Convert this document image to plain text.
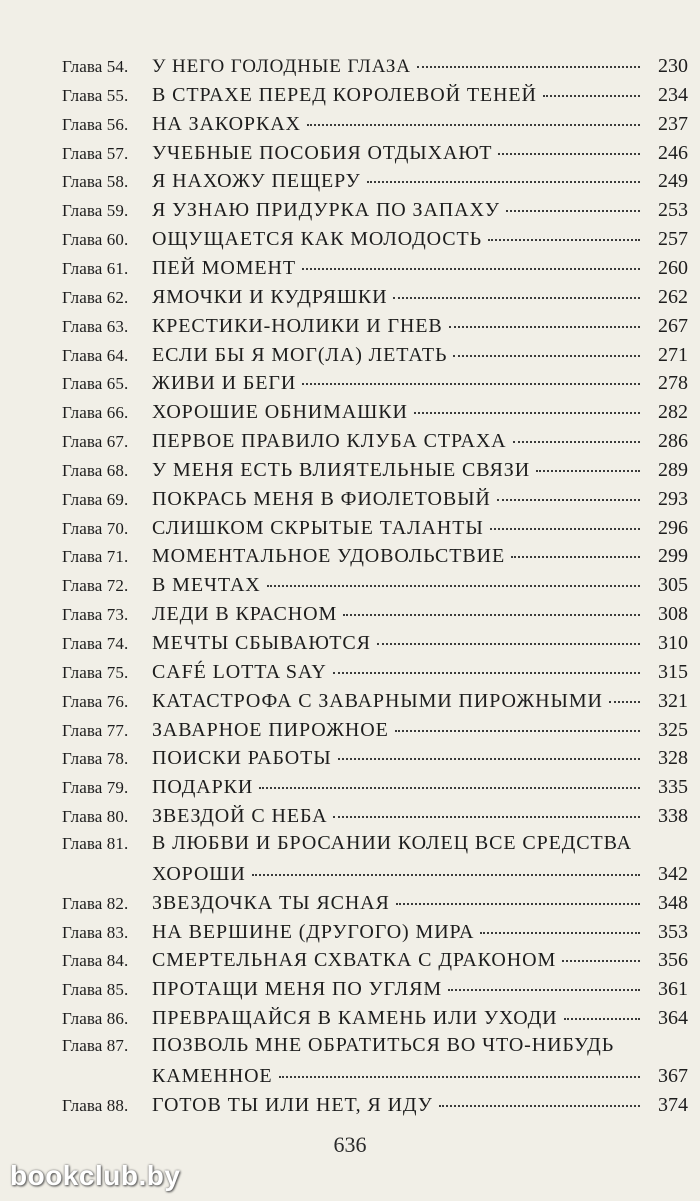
Глава 54.	У НЕГО ГОЛОДНЫЕ ГЛАЗА	230
Глава 55.	В СТРАХЕ ПЕРЕД КОРОЛЕВОЙ ТЕНЕЙ	234
Глава 56.	НА ЗАКОРКАХ	237
Глава 57.	УЧЕБНЫЕ ПОСОБИЯ ОТДЫХАЮТ	246
Глава 58.	Я НАХОЖУ ПЕЩЕРУ	249
Глава 59.	Я УЗНАЮ ПРИДУРКА ПО ЗАПАХУ	253
Глава 60.	ОЩУЩАЕТСЯ КАК МОЛОДОСТЬ	257
Глава 61.	ПЕЙ МОМЕНТ	260
Глава 62.	ЯМОЧКИ И КУДРЯШКИ	262
Глава 63.	КРЕСТИКИ-НОЛИКИ И ГНЕВ	267
Глава 64.	ЕСЛИ БЫ Я МОГ(ЛА) ЛЕТАТЬ	271
Глава 65.	ЖИВИ И БЕГИ	278
Глава 66.	ХОРОШИЕ ОБНИМАШКИ	282
Глава 67.	ПЕРВОЕ ПРАВИЛО КЛУБА СТРАХА	286
Глава 68.	У МЕНЯ ЕСТЬ ВЛИЯТЕЛЬНЫЕ СВЯЗИ	289
Глава 69.	ПОКРАСЬ МЕНЯ В ФИОЛЕТОВЫЙ	293
Глава 70.	СЛИШКОМ СКРЫТЫЕ ТАЛАНТЫ	296
Глава 71.	МОМЕНТАЛЬНОЕ УДОВОЛЬСТВИЕ	299
Глава 72.	В МЕЧТАХ	305
Глава 73.	ЛЕДИ В КРАСНОМ	308
Глава 74.	МЕЧТЫ СБЫВАЮТСЯ	310
Глава 75.	CAFÉ LOTTA SAY	315
Глава 76.	КАТАСТРОФА С ЗАВАРНЫМИ ПИРОЖНЫМИ	321
Глава 77.	ЗАВАРНОЕ ПИРОЖНОЕ	325
Глава 78.	ПОИСКИ РАБОТЫ	328
Глава 79.	ПОДАРКИ	335
Глава 80.	ЗВЕЗДОЙ С НЕБА	338
Глава 81.	В ЛЮБВИ И БРОСАНИИ КОЛЕЦ ВСЕ СРЕДСТВА
ХОРОШИ	342
Глава 82.	ЗВЕЗДОЧКА ТЫ ЯСНАЯ	348
Глава 83.	НА ВЕРШИНЕ (ДРУГОГО) МИРА	353
Глава 84.	СМЕРТЕЛЬНАЯ СХВАТКА С ДРАКОНОМ	356
Глава 85.	ПРОТАЩИ МЕНЯ ПО УГЛЯМ	361
Глава 86.	ПРЕВРАЩАЙСЯ В КАМЕНЬ ИЛИ УХОДИ	364
Глава 87.	ПОЗВОЛЬ МНЕ ОБРАТИТЬСЯ ВО ЧТО-НИБУДЬ
КАМЕННОЕ	367
Глава 88.	ГОТОВ ТЫ ИЛИ НЕТ, Я ИДУ	374
636
bookclub.by
